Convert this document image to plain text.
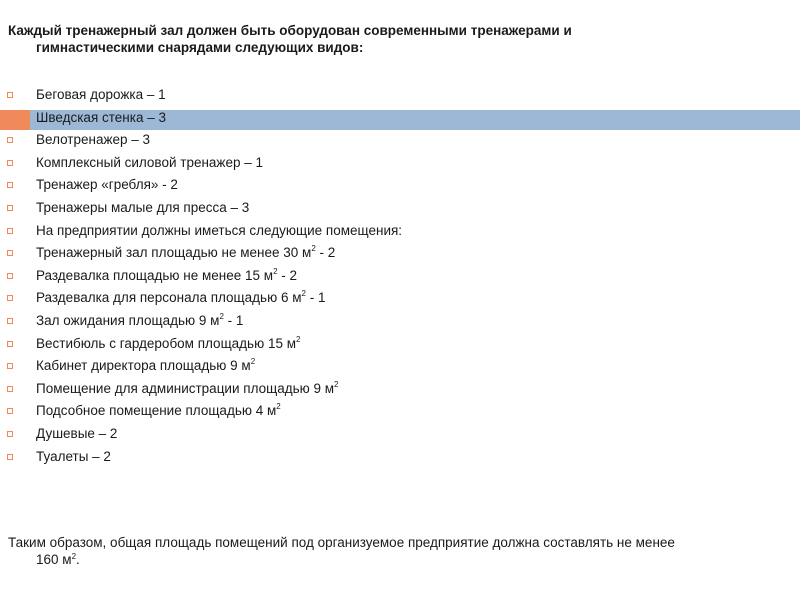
Каждый тренажерный зал должен быть оборудован современными тренажерами и
гимнастическими снарядами следующих видов:
Беговая дорожка – 1
Шведская стенка – 3
Велотренажер – 3
Комплексный силовой тренажер – 1
Тренажер «гребля» - 2
Тренажеры малые для пресса – 3
На предприятии должны иметься следующие помещения:
Тренажерный зал площадью не менее 30 $м^2 - 2$
Раздевалка площадью не менее 15 $м^2 - 2$
Раздевалка для персонала площадью 6 $м^2 - 1$
Зал ожидания площадью 9 $м^2 - 1$
Вестибюль с гардеробом площадью 15 $м^2$
Кабинет директора площадью 9 $м^2$
Помещение для администрации площадью 9 $м^2$
Подсобное помещение площадью 4 $м^2$
Душевые – 2
Туалеты – 2
Таким образом, общая площадь помещений под организуемое предприятие должна составлять не менее
160 $м^2$.
